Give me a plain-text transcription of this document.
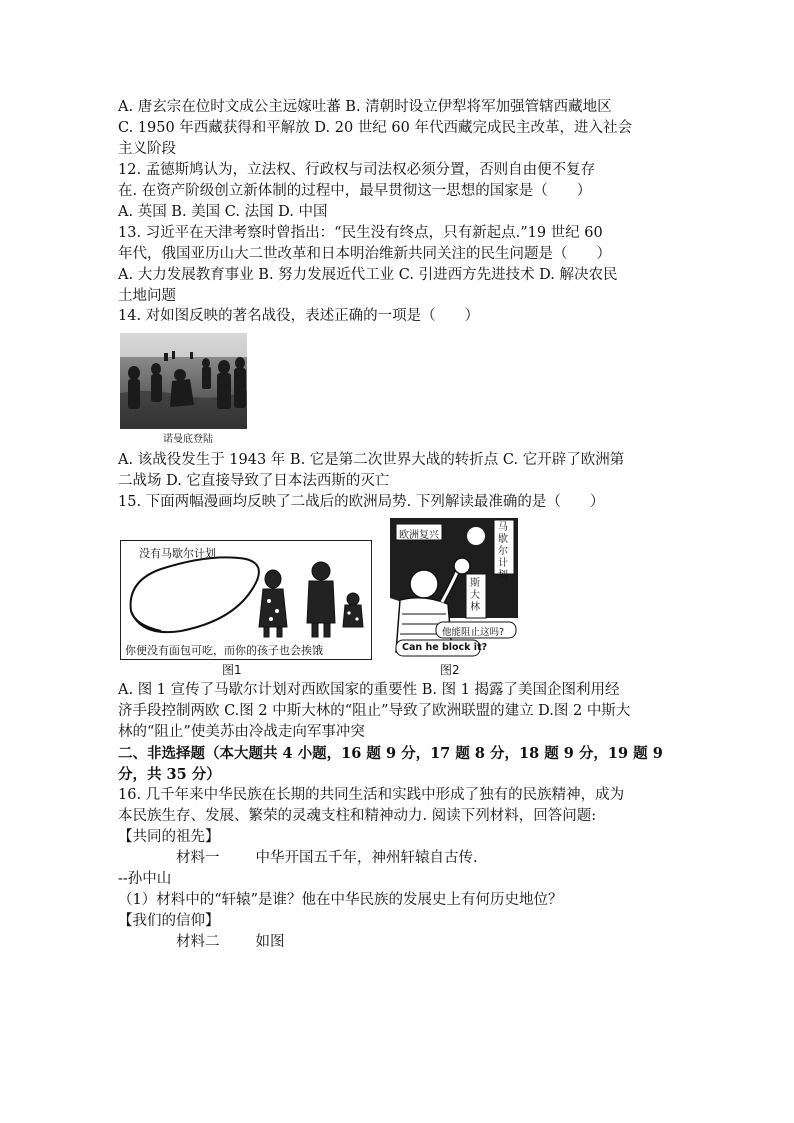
A. 唐玄宗在位时文成公主远嫁吐蕃 B. 清朝时设立伊犁将军加强管辖西藏地区
C. 1950 年西藏获得和平解放 D. 20 世纪 60 年代西藏完成民主改革，进入社会
主义阶段
12. 孟德斯鸠认为，立法权、行政权与司法权必须分置，否则自由便不复存
在. 在资产阶级创立新体制的过程中，最早贯彻这一思想的国家是（　　）
A. 英国 B. 美国 C. 法国 D. 中国
13. 习近平在天津考察时曾指出：“民生没有终点，只有新起点.”19 世纪 60
年代，俄国亚历山大二世改革和日本明治维新共同关注的民生问题是（　　）
A. 大力发展教育事业 B. 努力发展近代工业 C. 引进西方先进技术 D. 解决农民
土地问题
14. 对如图反映的著名战役，表述正确的一项是（　　）
诺曼底登陆
A. 该战役发生于 1943 年 B. 它是第二次世界大战的转折点 C. 它开辟了欧洲第
二战场 D. 它直接导致了日本法西斯的灭亡
15. 下面两幅漫画均反映了二战后的欧洲局势. 下列解读最准确的是（　　）
没有马歇尔计划
你便没有面包可吃，而你的孩子也会挨饿
图1
欧洲复兴
马歇尔计划
斯大林
他能阻止这吗?
Can he block it?
图2
A. 图 1 宣传了马歇尔计划对西欧国家的重要性 B. 图 1 揭露了美国企图利用经
济手段控制两欧 C.图 2 中斯大林的“阻止”导致了欧洲联盟的建立 D.图 2 中斯大
林的“阻止”使美苏由冷战走向军事冲突
二、非选择题（本大题共 4 小题，16 题 9 分，17 题 8 分，18 题 9 分，19 题 9
分，共 35 分）
16. 几千年来中华民族在长期的共同生活和实践中形成了独有的民族精神，成为
本民族生存、发展、繁荣的灵魂支柱和精神动力. 阅读下列材料，回答问题:
【共同的祖先】
材料一 中华开国五千年，神州轩辕自古传.
--孙中山
（1）材料中的“轩辕”是谁？他在中华民族的发展史上有何历史地位？
【我们的信仰】
材料二 如图
